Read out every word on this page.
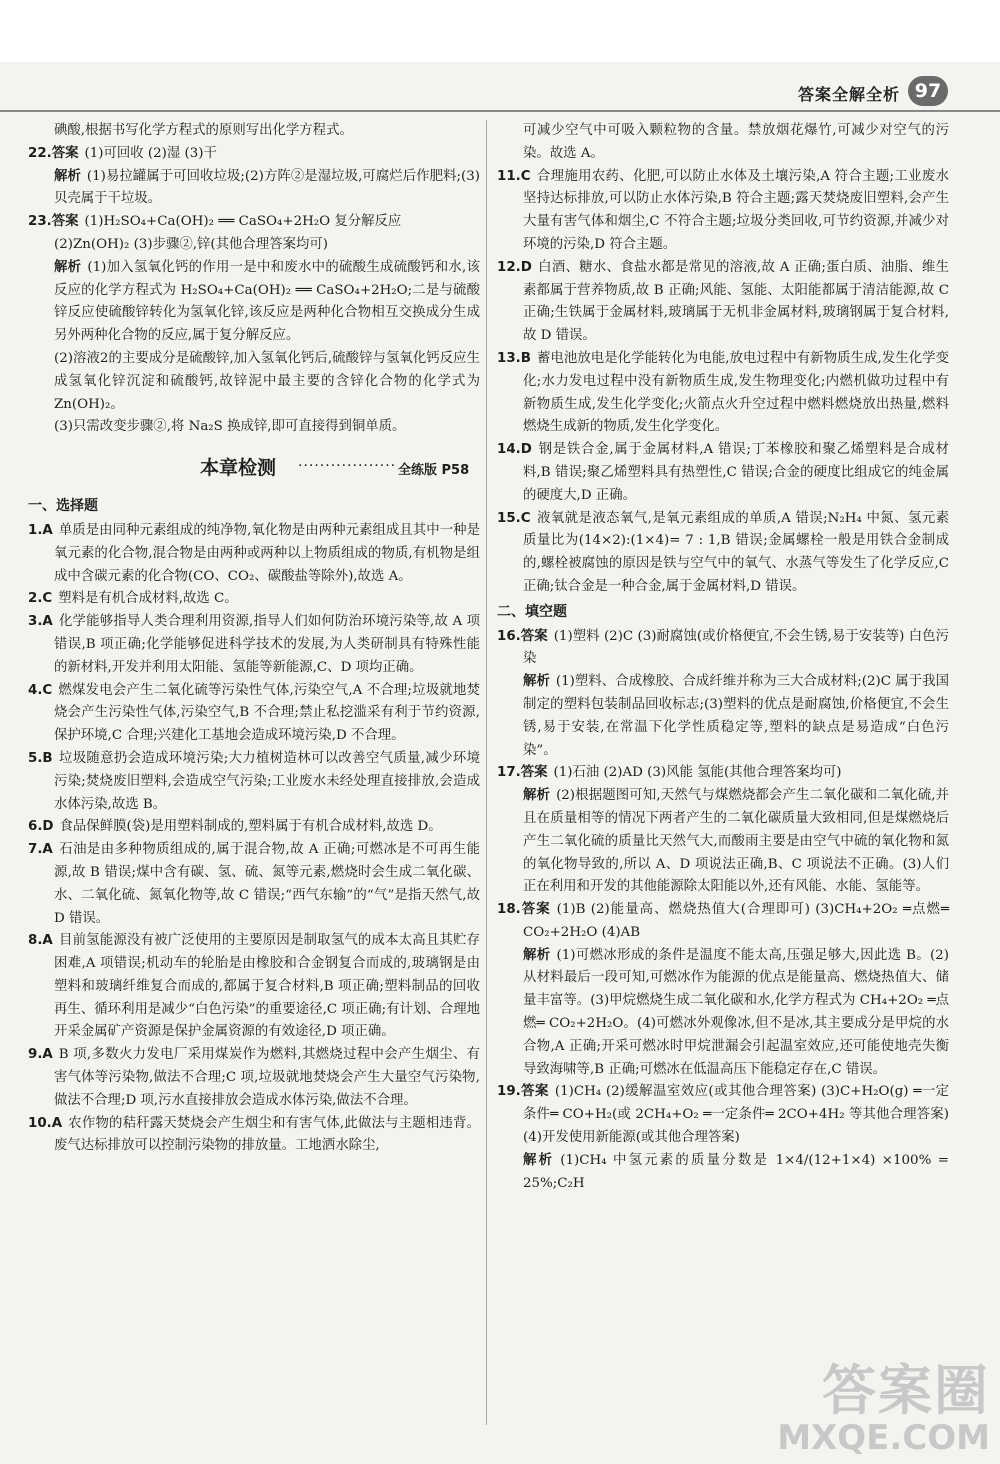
答案全解全析 97

碘酸,根据书写化学方程式的原则写出化学方程式。

22.答案 (1)可回收 (2)湿 (3)干

解析 (1)易拉罐属于可回收垃圾;(2)方阵②是湿垃圾,可腐烂后作肥料;(3)贝壳属于干垃圾。

23.答案 (1)H₂SO₄+Ca(OH)₂ ══ CaSO₄+2H₂O 复分解反应

(2)Zn(OH)₂ (3)步骤②,锌(其他合理答案均可)

解析 (1)加入氢氧化钙的作用一是中和废水中的硫酸生成硫酸钙和水,该反应的化学方程式为 H₂SO₄+Ca(OH)₂ ══ CaSO₄+2H₂O;二是与硫酸锌反应使硫酸锌转化为氢氧化锌,该反应是两种化合物相互交换成分生成另外两种化合物的反应,属于复分解反应。

(2)溶液2的主要成分是硫酸锌,加入氢氧化钙后,硫酸锌与氢氧化钙反应生成氢氧化锌沉淀和硫酸钙,故锌泥中最主要的含锌化合物的化学式为 Zn(OH)₂。

(3)只需改变步骤②,将 Na₂S 换成锌,即可直接得到铜单质。

本章检测 ·················· 全练版 P58
一、选择题

1.A 单质是由同种元素组成的纯净物,氧化物是由两种元素组成且其中一种是氧元素的化合物,混合物是由两种或两种以上物质组成的物质,有机物是组成中含碳元素的化合物(CO、CO₂、碳酸盐等除外),故选 A。

2.C 塑料是有机合成材料,故选 C。

3.A 化学能够指导人类合理利用资源,指导人们如何防治环境污染等,故 A 项错误,B 项正确;化学能够促进科学技术的发展,为人类研制具有特殊性能的新材料,开发并利用太阳能、氢能等新能源,C、D 项均正确。

4.C 燃煤发电会产生二氧化硫等污染性气体,污染空气,A 不合理;垃圾就地焚烧会产生污染性气体,污染空气,B 不合理;禁止私挖滥采有利于节约资源,保护环境,C 合理;兴建化工基地会造成环境污染,D 不合理。

5.B 垃圾随意扔会造成环境污染;大力植树造林可以改善空气质量,减少环境污染;焚烧废旧塑料,会造成空气污染;工业废水未经处理直接排放,会造成水体污染,故选 B。

6.D 食品保鲜膜(袋)是用塑料制成的,塑料属于有机合成材料,故选 D。

7.A 石油是由多种物质组成的,属于混合物,故 A 正确;可燃冰是不可再生能源,故 B 错误;煤中含有碳、氢、硫、氮等元素,燃烧时会生成二氧化碳、水、二氧化硫、氮氧化物等,故 C 错误;“西气东输”的“气”是指天然气,故 D 错误。

8.A 目前氢能源没有被广泛使用的主要原因是制取氢气的成本太高且其贮存困难,A 项错误;机动车的轮胎是由橡胶和合金钢复合而成的,玻璃钢是由塑料和玻璃纤维复合而成的,都属于复合材料,B 项正确;塑料制品的回收再生、循环利用是减少“白色污染”的重要途径,C 项正确;有计划、合理地开采金属矿产资源是保护金属资源的有效途径,D 项正确。

9.A B 项,多数火力发电厂采用煤炭作为燃料,其燃烧过程中会产生烟尘、有害气体等污染物,做法不合理;C 项,垃圾就地焚烧会产生大量空气污染物,做法不合理;D 项,污水直接排放会造成水体污染,做法不合理。

10.A 农作物的秸秆露天焚烧会产生烟尘和有害气体,此做法与主题相违背。废气达标排放可以控制污染物的排放量。工地洒水除尘,

可减少空气中可吸入颗粒物的含量。禁放烟花爆竹,可减少对空气的污染。故选 A。

11.C 合理施用农药、化肥,可以防止水体及土壤污染,A 符合主题;工业废水坚持达标排放,可以防止水体污染,B 符合主题;露天焚烧废旧塑料,会产生大量有害气体和烟尘,C 不符合主题;垃圾分类回收,可节约资源,并减少对环境的污染,D 符合主题。

12.D 白酒、糖水、食盐水都是常见的溶液,故 A 正确;蛋白质、油脂、维生素都属于营养物质,故 B 正确;风能、氢能、太阳能都属于清洁能源,故 C 正确;生铁属于金属材料,玻璃属于无机非金属材料,玻璃钢属于复合材料,故 D 错误。

13.B 蓄电池放电是化学能转化为电能,放电过程中有新物质生成,发生化学变化;水力发电过程中没有新物质生成,发生物理变化;内燃机做功过程中有新物质生成,发生化学变化;火箭点火升空过程中燃料燃烧放出热量,燃料燃烧生成新的物质,发生化学变化。

14.D 钢是铁合金,属于金属材料,A 错误;丁苯橡胶和聚乙烯塑料是合成材料,B 错误;聚乙烯塑料具有热塑性,C 错误;合金的硬度比组成它的纯金属的硬度大,D 正确。

15.C 液氧就是液态氧气,是氧元素组成的单质,A 错误;N₂H₄ 中氮、氢元素质量比为(14×2):(1×4)= 7 : 1,B 错误;金属螺栓一般是用铁合金制成的,螺栓被腐蚀的原因是铁与空气中的氧气、水蒸气等发生了化学反应,C 正确;钛合金是一种合金,属于金属材料,D 错误。

二、填空题

16.答案 (1)塑料 (2)C (3)耐腐蚀(或价格便宜,不会生锈,易于安装等) 白色污染

解析 (1)塑料、合成橡胶、合成纤维并称为三大合成材料;(2)C 属于我国制定的塑料包装制品回收标志;(3)塑料的优点是耐腐蚀,价格便宜,不会生锈,易于安装,在常温下化学性质稳定等,塑料的缺点是易造成“白色污染”。

17.答案 (1)石油 (2)AD (3)风能 氢能(其他合理答案均可)

解析 (2)根据题图可知,天然气与煤燃烧都会产生二氧化碳和二氧化硫,并且在质量相等的情况下两者产生的二氧化碳质量大致相同,但是煤燃烧后产生二氧化硫的质量比天然气大,而酸雨主要是由空气中硫的氧化物和氮的氧化物导致的,所以 A、D 项说法正确,B、C 项说法不正确。(3)人们正在利用和开发的其他能源除太阳能以外,还有风能、水能、氢能等。

18.答案 (1)B (2)能量高、燃烧热值大(合理即可) (3)CH₄+2O₂ ═点燃═ CO₂+2H₂O (4)AB

解析 (1)可燃冰形成的条件是温度不能太高,压强足够大,因此选 B。(2)从材料最后一段可知,可燃冰作为能源的优点是能量高、燃烧热值大、储量丰富等。(3)甲烷燃烧生成二氧化碳和水,化学方程式为 CH₄+2O₂ ═点燃═ CO₂+2H₂O。(4)可燃冰外观像冰,但不是冰,其主要成分是甲烷的水合物,A 正确;开采可燃冰时甲烷泄漏会引起温室效应,还可能使地壳失衡导致海啸等,B 正确;可燃冰在低温高压下能稳定存在,C 错误。

19.答案 (1)CH₄ (2)缓解温室效应(或其他合理答案) (3)C+H₂O(g) ═一定条件═ CO+H₂(或 2CH₄+O₂ ═一定条件═ 2CO+4H₂ 等其他合理答案) (4)开发使用新能源(或其他合理答案)

解析 (1)CH₄ 中氢元素的质量分数是 1×4/(12+1×4) ×100% = 25%;C₂H

答案圈
MXQE.COM
